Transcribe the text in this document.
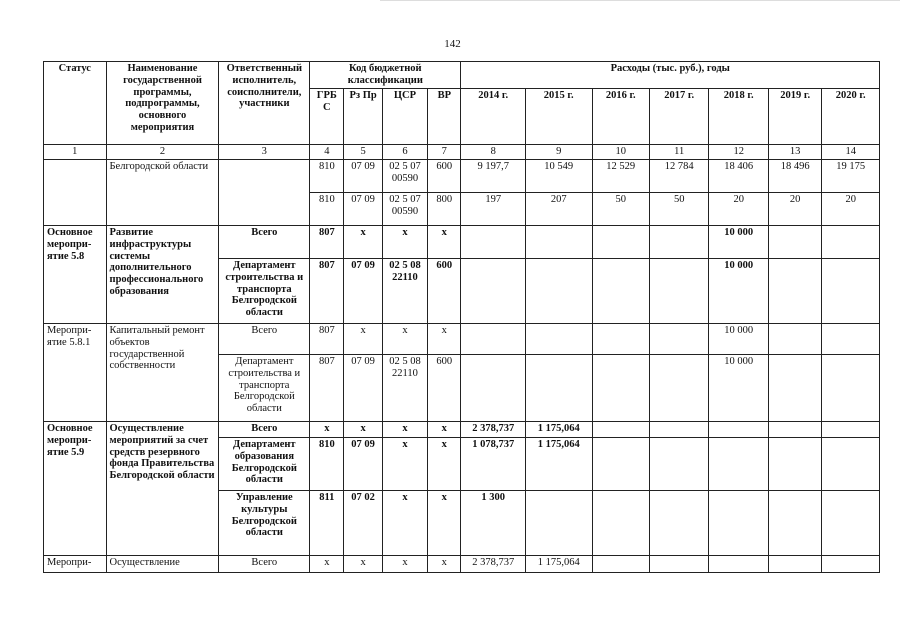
142
Статус	Наименование государственной программы, подпрограммы, основного мероприятия	Ответственный исполнитель, соисполнители, участники	Код бюджетной классификации				Расходы (тыс. руб.), годы						
			ГРБ С	Рз Пр	ЦСР	ВР	2014 г.	2015 г.	2016 г.	2017 г.	2018 г.	2019 г.	2020 г.
1	2	3	4	5	6	7	8	9	10	11	12	13	14
	Белгородской области		810	07 09	02 5 07 00590	600	9 197,7	10 549	12 529	12 784	18 406	18 496	19 175
			810	07 09	02 5 07 00590	800	197	207	50	50	20	20	20
Основное меропри-ятие 5.8	Развитие инфраструктуры системы дополнительного профессионального образования	Всего	807	х	х	х					10 000		
		Департамент строительства и транспорта Белгородской области	807	07 09	02 5 08 22110	600					10 000		
Меропри-ятие 5.8.1	Капитальный ремонт объектов государственной собственности	Всего	807	х	х	х					10 000		
		Департамент строительства и транспорта Белгородской области	807	07 09	02 5 08 22110	600					10 000		
Основное меропри-ятие 5.9	Осуществление мероприятий за счет средств резервного фонда Правительства Белгородской области	Всего	х	х	х	х	2 378,737	1 175,064					
		Департамент образования Белгородской области	810	07 09	х	х	1 078,737	1 175,064					
		Управление культуры Белгородской области	811	07 02	х	х	1 300						
Меропри-	Осуществление	Всего	х	х	х	х	2 378,737	1 175,064					
